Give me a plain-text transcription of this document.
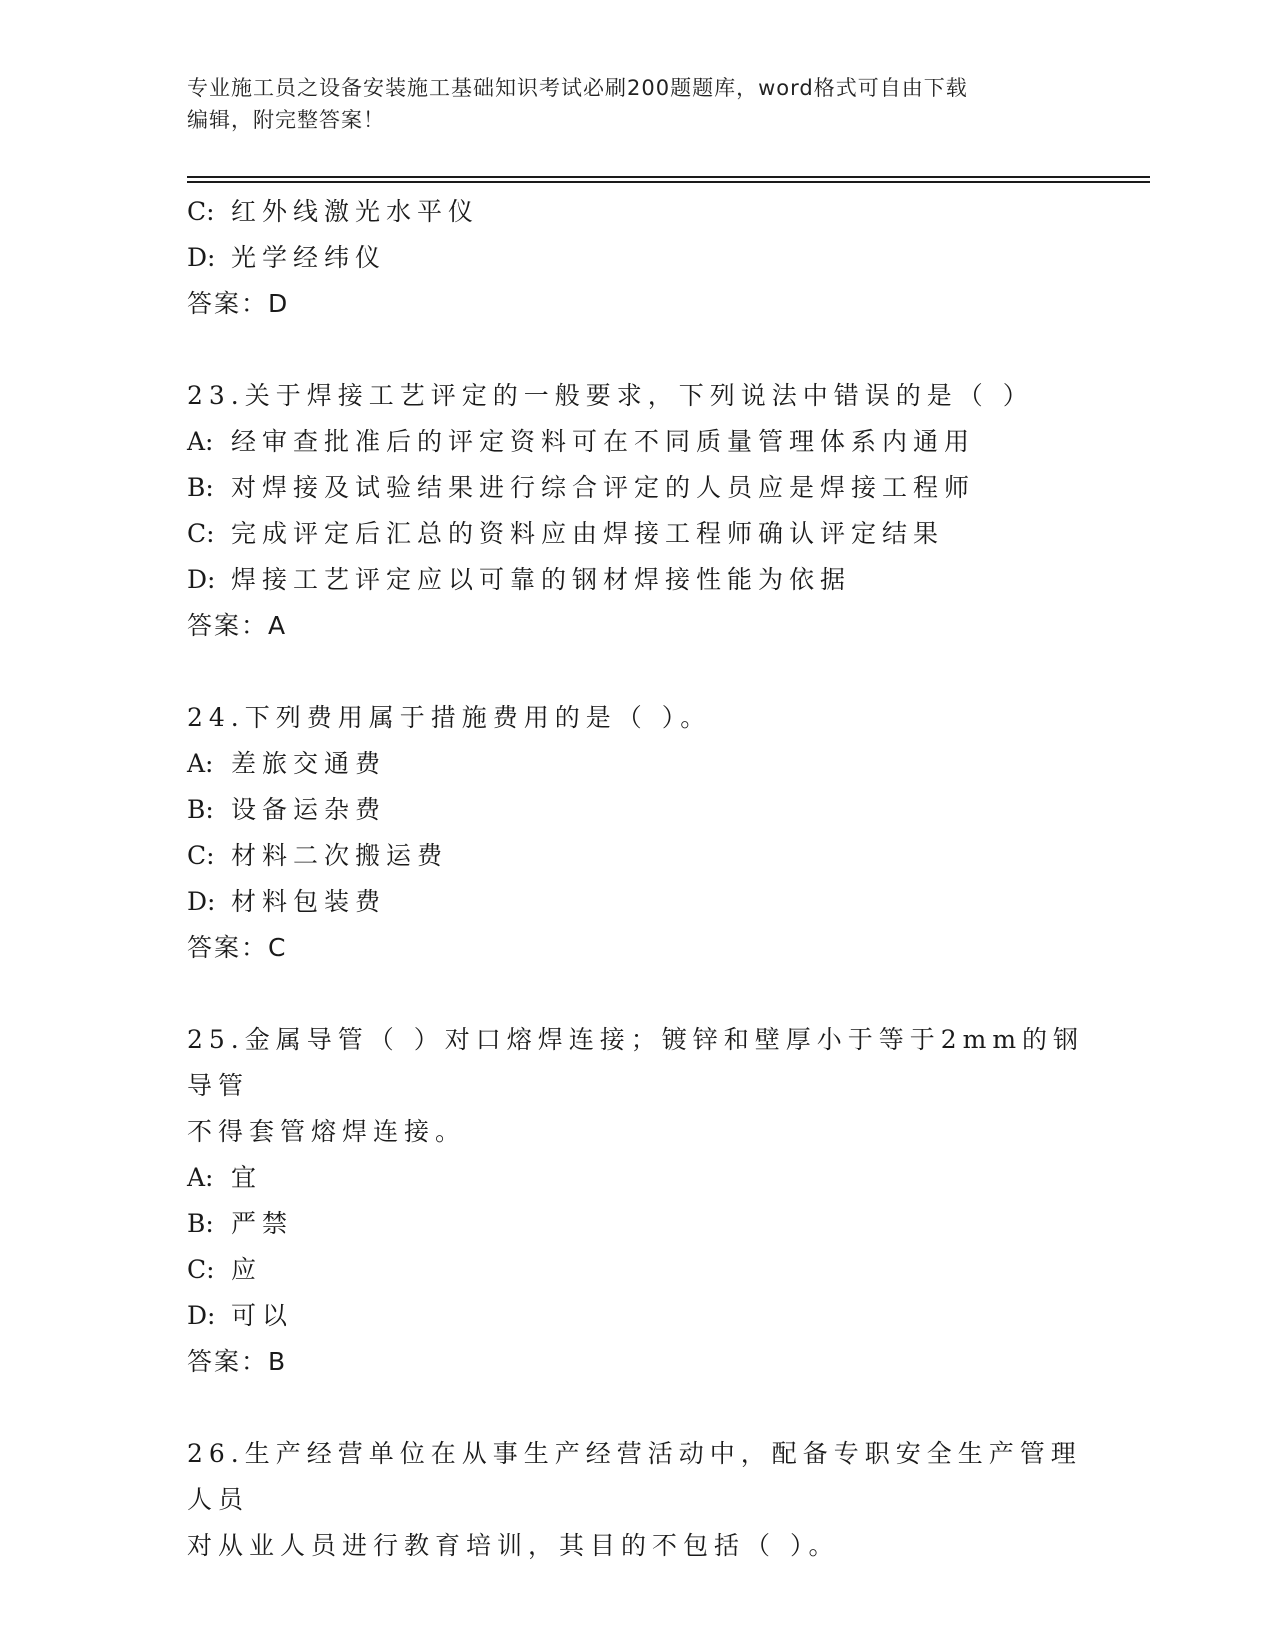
专业施工员之设备安装施工基础知识考试必刷200题题库，word格式可自由下载
编辑，附完整答案！
C: 红外线激光水平仪
D: 光学经纬仪
答案：D
23.关于焊接工艺评定的一般要求，下列说法中错误的是（ ）
A: 经审查批准后的评定资料可在不同质量管理体系内通用
B: 对焊接及试验结果进行综合评定的人员应是焊接工程师
C: 完成评定后汇总的资料应由焊接工程师确认评定结果
D: 焊接工艺评定应以可靠的钢材焊接性能为依据
答案：A
24.下列费用属于措施费用的是（ ）。
A: 差旅交通费
B: 设备运杂费
C: 材料二次搬运费
D: 材料包装费
答案：C
25.金属导管（ ）对口熔焊连接；镀锌和壁厚小于等于2mm的钢导管
不得套管熔焊连接。
A: 宜
B: 严禁
C: 应
D: 可以
答案：B
26.生产经营单位在从事生产经营活动中，配备专职安全生产管理人员
对从业人员进行教育培训，其目的不包括（ ）。
